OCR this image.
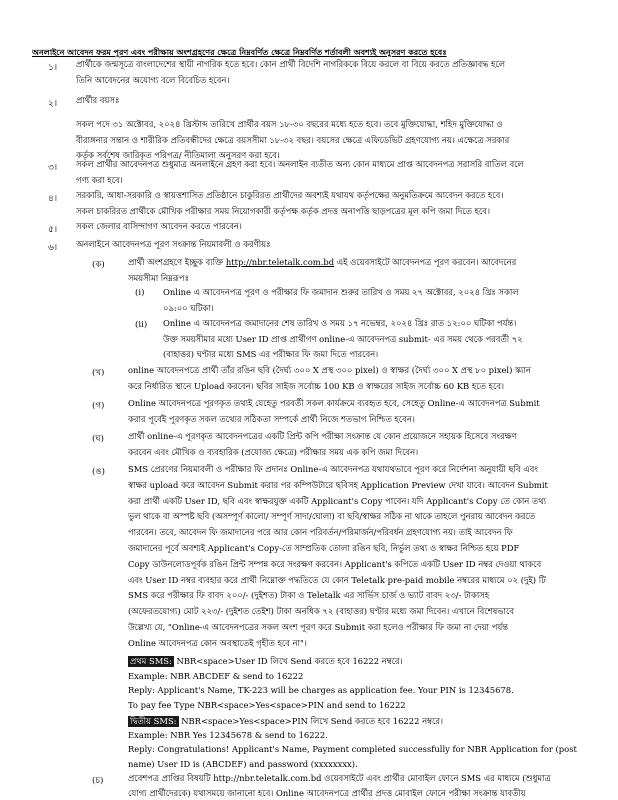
অনলাইনে আবেদন ফরম পূরণ এবং পরীক্ষায় অংশগ্রহণের ক্ষেত্রে নিম্নবর্ণিত ক্ষেত্রে নিম্নবর্ণিত শর্তাবলী অবশ্যই অনুসরণ করতে হবেঃ
১। প্রার্থীকে জন্মসূত্রে বাংলাদেশের স্থায়ী নাগরিক হতে হবে। কোন প্রার্থী বিদেশি নাগরিককে বিয়ে করলে বা বিয়ে করতে প্রতিজ্ঞাবদ্ধ হলে
তিনি আবেদনের অযোগ্য বলে বিবেচিত হবেন।
২। প্রার্থীর বয়সঃ
সকল পদে ৩১ অক্টোবর, ২০২৪ খ্রিস্টাব্দ তারিখে প্রার্থীর বয়স ১৮-৩০ বছরের মধ্যে হতে হবে। তবে মুক্তিযোদ্ধা, শহিদ মুক্তিযোদ্ধা ও
বীরাঙ্গনার সন্তান ও শারীরিক প্রতিবন্ধীদের ক্ষেত্রে বয়সসীমা ১৮-৩২ বছর। বয়সের ক্ষেত্রে এফিডেভিট গ্রহণযোগ্য নয়। এক্ষেত্রে সরকার
কর্তৃক সর্বশেষ জারিকৃত পরিপত্র/ নীতিমালা অনুসরণ করা হবে।
৩। সকল প্রার্থীর আবেদনপত্র শুধুমাত্র অনলাইনে গ্রহণ করা হবে। অনলাইন ব্যতীত অন্য কোন মাধ্যমে প্রাপ্ত আবেদনপত্র সরাসরি বাতিল বলে
গণ্য করা হবে।
৪। সরকারি, আধা-সরকারি ও স্বায়ত্তশাসিত প্রতিষ্ঠানে চাকুরিরত প্রার্থীদের অবশ্যই যথাযথ কর্তৃপক্ষের অনুমতিক্রমে আবেদন করতে হবে।
সকল চাকরিরত প্রার্থীকে মৌখিক পরীক্ষার সময় নিয়োগকারী কর্তৃপক্ষ কর্তৃক প্রদত্ত অনাপত্তি ছাড়পত্রের মূল কপি জমা দিতে হবে।
৫। সকল জেলার বাসিন্দাগণ আবেদন করতে পারবেন।
৬। অনলাইনে আবেদনপত্র পূরণ সংক্রান্ত নিয়মাবলী ও করণীয়ঃ
(ক)	প্রার্থী অংশগ্রহণে ইচ্ছুক ব্যক্তি http://nbr.teletalk.com.bd এই ওয়েবসাইটে আবেদনপত্র পূরণ করবেন। আবেদনের
সময়সীমা নিম্নরূপঃ
(i) Online এ আবেদনপত্র পূরণ ও পরীক্ষার ফি জমাদান শুরুর তারিখ ও সময় ২৭ অক্টোবর, ২০২৪ খ্রিঃ সকাল
০৯:০০ ঘটিকা।
(ii) Online এ আবেদনপত্র জমাদানের শেষ তারিখ ও সময় ১৭ নভেম্বর, ২০২৪ খ্রিঃ রাত ১২:০০ ঘটিকা পর্যন্ত।
উক্ত সময়সীমার মধ্যে User ID প্রাপ্ত প্রার্থীগণ online-এ আবেদনপত্র submit- এর সময় থেকে পরবর্তী ৭২
(বাহাত্তর) ঘণ্টার মধ্যে SMS এর পরীক্ষার ফি জমা দিতে পারবেন।
(খ)	online আবেদনপত্রে প্রার্থী তাঁর রঙিন ছবি (দৈর্ঘ্য ৩০০ X প্রস্থ ৩০০ pixel) ও স্বাক্ষর (দৈর্ঘ্য ৩০০ X প্রস্থ ৮০ pixel) স্ক্যান
করে নির্ধারিত স্থানে Upload করবেন। ছবির সাইজ সর্বোচ্চ 100 KB ও স্বাক্ষরের সাইজ সর্বোচ্চ 60 KB হতে হবে।
(গ)	Online আবেদনপত্রে পূরণকৃত তথ্যই যেহেতু পরবর্তী সকল কার্যক্রমে ব্যবহৃত হবে, সেহেতু Online-এ আবেদনপত্র Submit
করার পূর্বেই পূরণকৃত সকল তথ্যের সঠিকতা সম্পর্কে প্রার্থী নিজে শতভাগ নিশ্চিত হবেন।
(ঘ)	প্রার্থী online-এ পূরণকৃত আবেদনপত্রের একটি প্রিন্ট কপি পরীক্ষা সংক্রান্ত যে কোন প্রয়োজনে সহায়ক হিসেবে সংরক্ষণ
করবেন এবং মৌখিক ও ব্যবহারিক (প্রযোজ্য ক্ষেত্রে) পরীক্ষার সময় এক কপি জমা দিবেন।
(ঙ)	SMS প্রেরণের নিয়মাবলী ও পরীক্ষার ফি প্রদানঃ Online-এ আবেদনপত্র যথাযথভাবে পূরণ করে নির্দেশনা অনুযায়ী ছবি এবং
স্বাক্ষর upload করে আবেদন Submit করার পর কম্পিউটারে ছবিসহ Application Preview দেখা যাবে। আবেদন Submit
করা প্রার্থী একটি User ID, ছবি এবং স্বাক্ষরযুক্ত একটি Applicant's Copy পাবেন। যদি Applicant's Copy তে কোন তথ্য
ভুল থাকে বা অস্পষ্ট ছবি (অসম্পূর্ণ কালো/ সম্পূর্ণ সাদা/ঘোলা) বা ছবি/স্বাক্ষর সঠিক না থাকে তাহলে পুনরায় আবেদন করতে
পারবেন। তবে, আবেদন ফি জমাদানের পরে আর কোন পরিবর্তন/পরিমার্জন/পরিবর্ধন গ্রহণযোগ্য নয়। তাই আবেদন ফি
জমাদানের পূর্বে অবশ্যই Applicant's Copy-তে সাম্প্রতিক তোলা রঙিন ছবি, নির্ভুল তথ্য ও স্বাক্ষর নিশ্চিত হয়ে PDF
Copy ডাউনলোডপূর্বক রঙিন প্রিন্ট সম্পন্ন করে সংরক্ষণ করবেন। Applicant's কপিতে একটি User ID নম্বর দেওয়া থাকবে
এবং User ID নম্বর ব্যবহার করে প্রার্থী নিম্নোক্ত পদ্ধতিতে যে কোন Teletalk pre-paid mobile নম্বরের মাধ্যমে ০২ (দুই) টি
SMS করে পরীক্ষার ফি বাবদ ২০০/- (দুইশত) টাকা ও Teletalk এর সার্ভিস চার্জ ও ভ্যাট বাবদ ২৩/- টাকাসহ
(অফেরতযোগ্য) মোট ২২৩/- (দুইশত তেইশ) টাকা অনধিক ৭২ (বাহাত্তর) ঘণ্টার মধ্যে জমা দিবেন। এখানে বিশেষভাবে
উল্লেখ্য যে, "Online-এ আবেদনপত্রের সকল অংশ পূরণ করে Submit করা হলেও পরীক্ষার ফি জমা না দেয়া পর্যন্ত
Online আবেদনপত্র কোন অবস্থাতেই গৃহীত হবে না"।
প্রথম SMS: NBR<space>User ID লিখে Send করতে হবে 16222 নম্বরে।
Example: NBR ABCDEF & send to 16222
Reply: Applicant's Name, TK-223 will be charges as application fee. Your PIN is 12345678.
To pay fee Type NBR<space>Yes<space>PIN and send to 16222
দ্বিতীয় SMS: NBR<space>Yes<space>PIN লিখে Send করতে হবে 16222 নম্বরে।
Example: NBR Yes 12345678 & send to 16222.
Reply: Congratulations! Applicant's Name, Payment completed successfully for NBR Application for (post
name) User ID is (ABCDEF) and password (xxxxxxxx).
(চ)	প্রবেশপত্র প্রাপ্তির বিষয়টি http://nbr.teletalk.com.bd ওয়েবসাইটে এবং প্রার্থীর মোবাইল ফোনে SMS এর মাধ্যমে (শুধুমাত্র
যোগ্য প্রার্থীদেরকে) যথাসময়ে জানানো হবে। Online আবেদনপত্রে প্রার্থীর প্রদত্ত মোবাইল ফোনে পরীক্ষা সংক্রান্ত যাবতীয়
